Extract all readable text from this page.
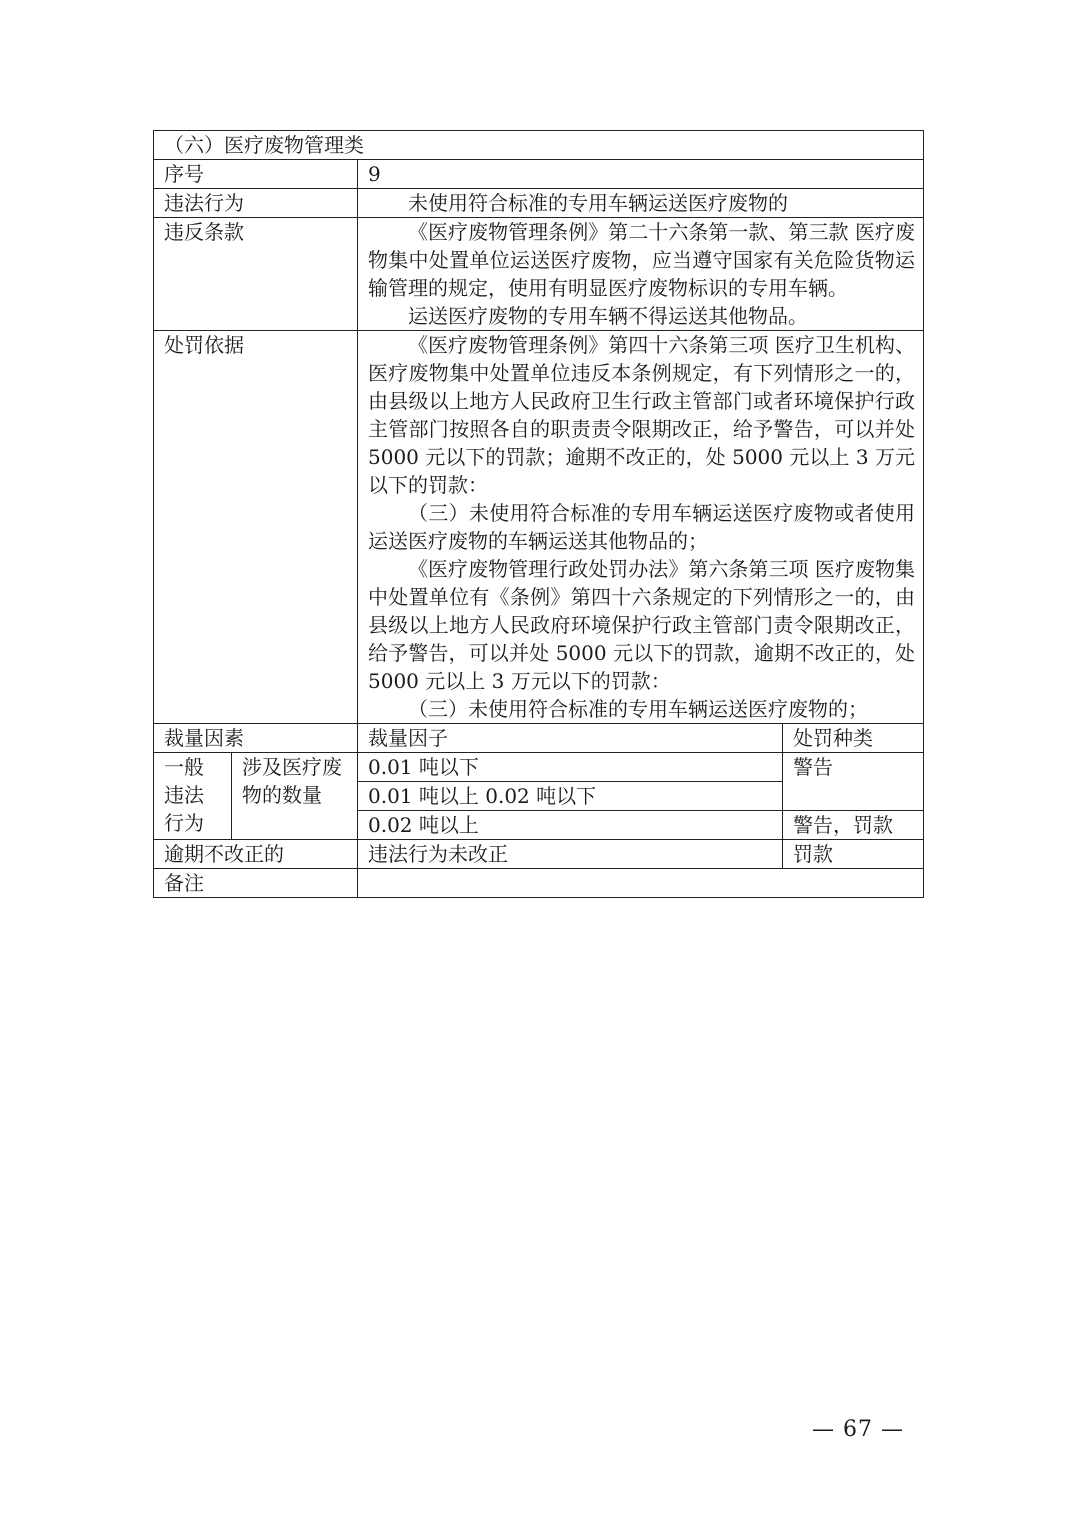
（六）医疗废物管理类			
序号		9	
违法行为		未使用符合标准的专用车辆运送医疗废物的	

违反条款		《医疗废物管理条例》第二十六条第一款、第三款 医疗废物集中处置单位运送医疗废物，应当遵守国家有关危险货物运输管理的规定，使用有明显医疗废物标识的专用车辆。

运送医疗废物的专用车辆不得运送其他物品。	

处罚依据		《医疗废物管理条例》第四十六条第三项 医疗卫生机构、医疗废物集中处置单位违反本条例规定，有下列情形之一的，由县级以上地方人民政府卫生行政主管部门或者环境保护行政主管部门按照各自的职责责令限期改正，给予警告，可以并处 5000 元以下的罚款；逾期不改正的，处 5000 元以上 3 万元以下的罚款：

（三）未使用符合标准的专用车辆运送医疗废物或者使用运送医疗废物的车辆运送其他物品的；

《医疗废物管理行政处罚办法》第六条第三项 医疗废物集中处置单位有《条例》第四十六条规定的下列情形之一的，由县级以上地方人民政府环境保护行政主管部门责令限期改正，给予警告，可以并处 5000 元以下的罚款，逾期不改正的，处 5000 元以上 3 万元以下的罚款：

（三）未使用符合标准的专用车辆运送医疗废物的；	

裁量因素		裁量因子	处罚种类
一般违法行为	涉及医疗废物的数量	0.01 吨以下	警告
		0.01 吨以上 0.02 吨以下	
		0.02 吨以上	警告，罚款
逾期不改正的		违法行为未改正	罚款
备注			
— 67 —
